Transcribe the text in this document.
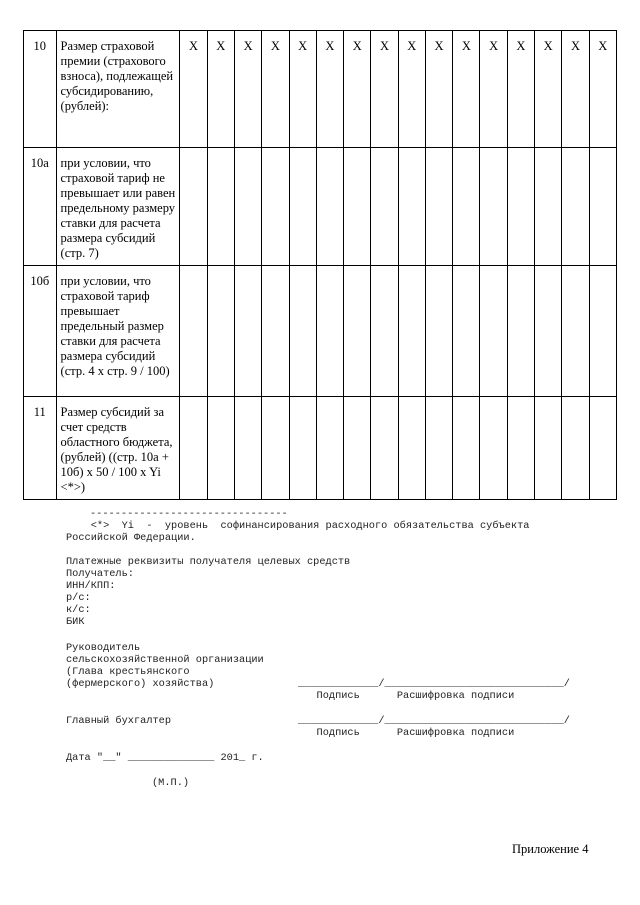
10	Размер страховой премии (страхового взноса), подлежащей субсидированию, (рублей):	X	X	X	X	X	X	X	X	X	X	X	X	X	X	X	X
10а	при условии, что страховой тариф не превышает или равен предельному размеру ставки для расчета размера субсидий (стр. 7)																
10б	при условии, что страховой тариф превышает предельный размер ставки для расчета размера субсидий (стр. 4 x стр. 9 / 100)																
11	Размер субсидий за счет средств областного бюджета, (рублей) ((стр. 10а + 10б) x 50 / 100 x Yi <*>)																
--------------------------------
<*>  Yi  -  уровень  софинансирования расходного обязательства субъекта
Российской Федерации.
Платежные реквизиты получателя целевых средств
Получатель:
ИНН/КПП:
р/с:
к/с:
БИК
Руководитель
сельскохозяйственной организации
(Глава крестьянского
(фермерского) хозяйства)	_____________/_____________________________/
Подпись      Расшифровка подписи
Главный бухгалтер	_____________/_____________________________/
Подпись      Расшифровка подписи
Дата "__" ______________ 201_ г.
(М.П.)
Приложение 4
